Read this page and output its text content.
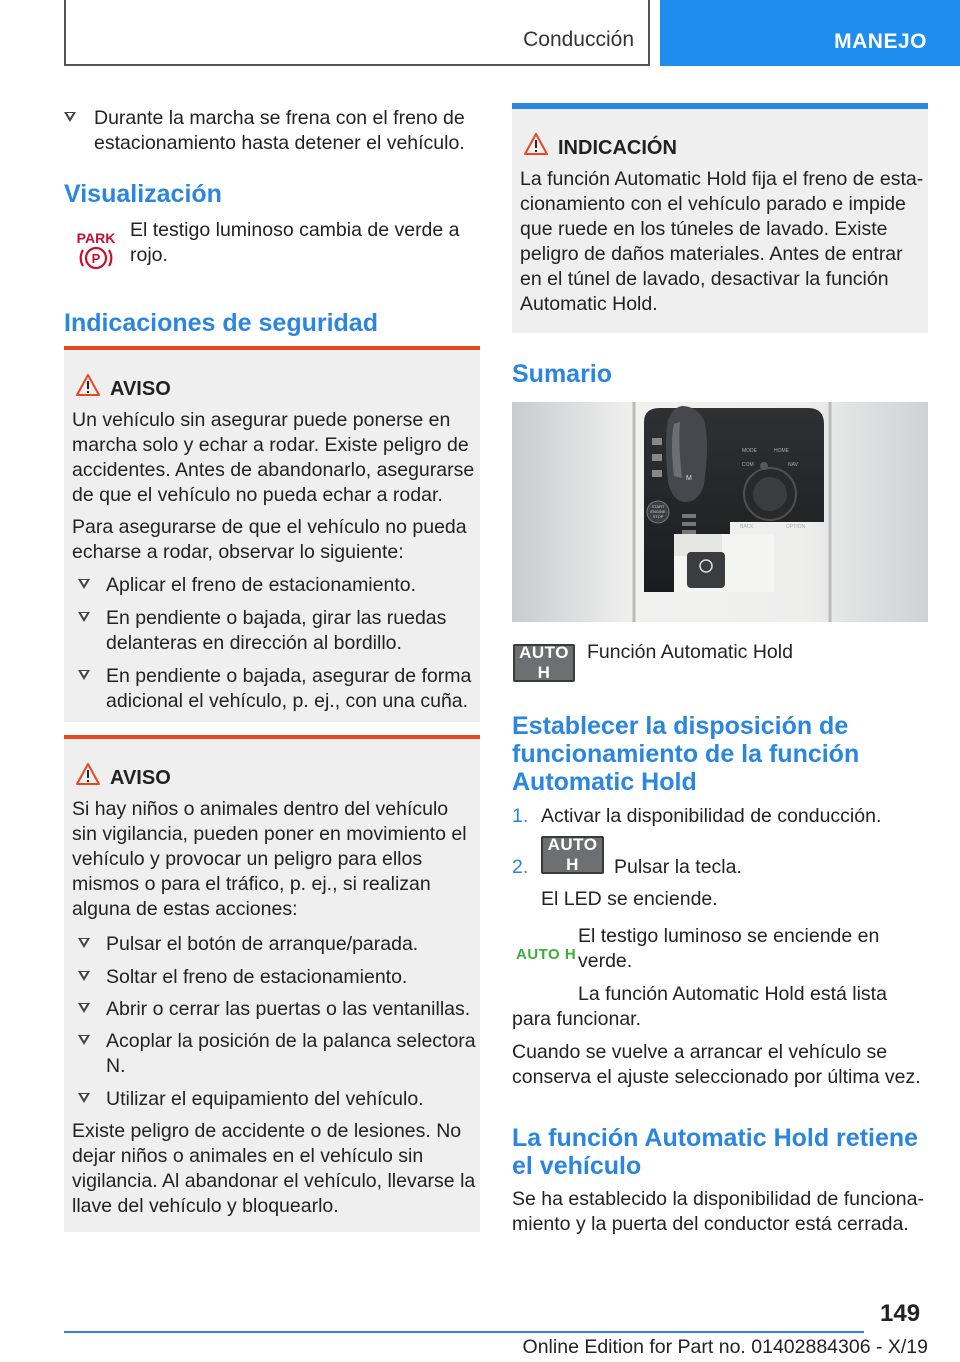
Conducción	MANEJO
Durante la marcha se frena con el freno de estacionamiento hasta detener el vehículo.
Visualización
PARK
P
El testigo luminoso cambia de verde a rojo.
Indicaciones de seguridad
AVISO
Un vehículo sin asegurar puede ponerse en marcha solo y echar a rodar. Existe peligro de accidentes. Antes de abandonarlo, asegurarse de que el vehículo no pueda echar a rodar.
Para asegurarse de que el vehículo no pueda echarse a rodar, observar lo siguiente:
Aplicar el freno de estacionamiento.
En pendiente o bajada, girar las ruedas delanteras en dirección al bordillo.
En pendiente o bajada, asegurar de forma adicional el vehículo, p. ej., con una cuña.
AVISO
Si hay niños o animales dentro del vehículo sin vigilancia, pueden poner en movimiento el vehículo y provocar un peligro para ellos mismos o para el tráfico, p. ej., si realizan alguna de estas acciones:
Pulsar el botón de arranque/parada.
Soltar el freno de estacionamiento.
Abrir o cerrar las puertas o las ventanillas.
Acoplar la posición de la palanca selectora N.
Utilizar el equipamiento del vehículo.
Existe peligro de accidente o de lesiones. No dejar niños o animales en el vehículo sin vigilancia. Al abandonar el vehículo, llevarse la llave del vehículo y bloquearlo.
INDICACIÓN
La función Automatic Hold fija el freno de estacionamiento con el vehículo parado e impide que ruede en los túneles de lavado. Existe peligro de daños materiales. Antes de entrar en el túnel de lavado, desactivar la función Automatic Hold.
Sumario
M
START
ENGINE
STOP
MODE	HOME
COM	NAV
BACK	OPTION
AUTO H
Función Automatic Hold
Establecer la disposición de funcionamiento de la función Automatic Hold
1. Activar la disponibilidad de conducción.
2.
AUTO H	Pulsar la tecla.
El LED se enciende.
AUTO H
El testigo luminoso se enciende en verde.
La función Automatic Hold está lista para funcionar.
Cuando se vuelve a arrancar el vehículo se conserva el ajuste seleccionado por última vez.
La función Automatic Hold retiene el vehículo
Se ha establecido la disponibilidad de funcionamiento y la puerta del conductor está cerrada.
149
Online Edition for Part no. 01402884306 - X/19
